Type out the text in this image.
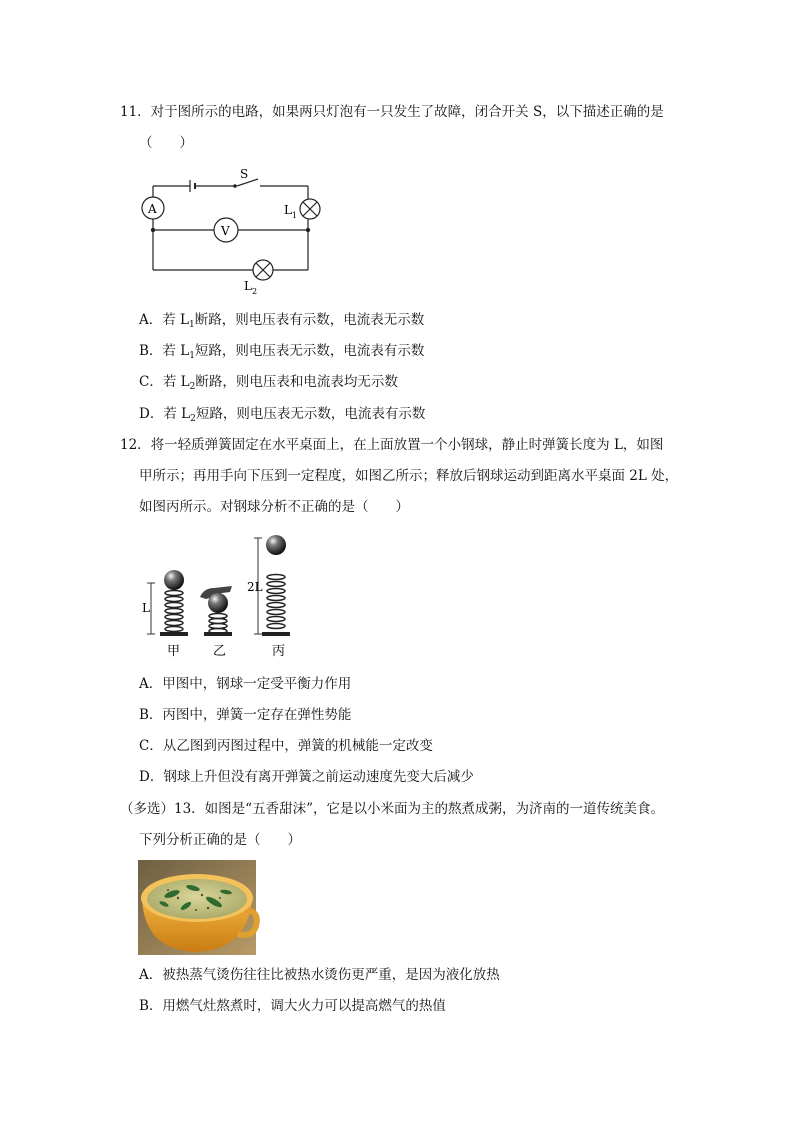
11．对于图所示的电路，如果两只灯泡有一只发生了故障，闭合开关 S，以下描述正确的是
（　　）
A
V
S
L 1
L 2
A．若 $L_1$断路，则电压表有示数，电流表无示数
B．若 $L_1$短路，则电压表无示数，电流表有示数
C．若 $L_2$断路，则电压表和电流表均无示数
D．若 $L_2$短路，则电压表无示数，电流表有示数
12．将一轻质弹簧固定在水平桌面上，在上面放置一个小钢球，静止时弹簧长度为 L，如图
甲所示；再用手向下压到一定程度，如图乙所示；释放后钢球运动到距离水平桌面 2L 处，
如图丙所示。对钢球分析不正确的是（　　）
L
2L
甲	乙	丙
A．甲图中，钢球一定受平衡力作用
B．丙图中，弹簧一定存在弹性势能
C．从乙图到丙图过程中，弹簧的机械能一定改变
D．钢球上升但没有离开弹簧之前运动速度先变大后减少
（多选）13．如图是“五香甜沫”，它是以小米面为主的熬煮成粥，为济南的一道传统美食。
下列分析正确的是（　　）
A．被热蒸气烫伤往往比被热水烫伤更严重，是因为液化放热
B．用燃气灶熬煮时，调大火力可以提高燃气的热值
